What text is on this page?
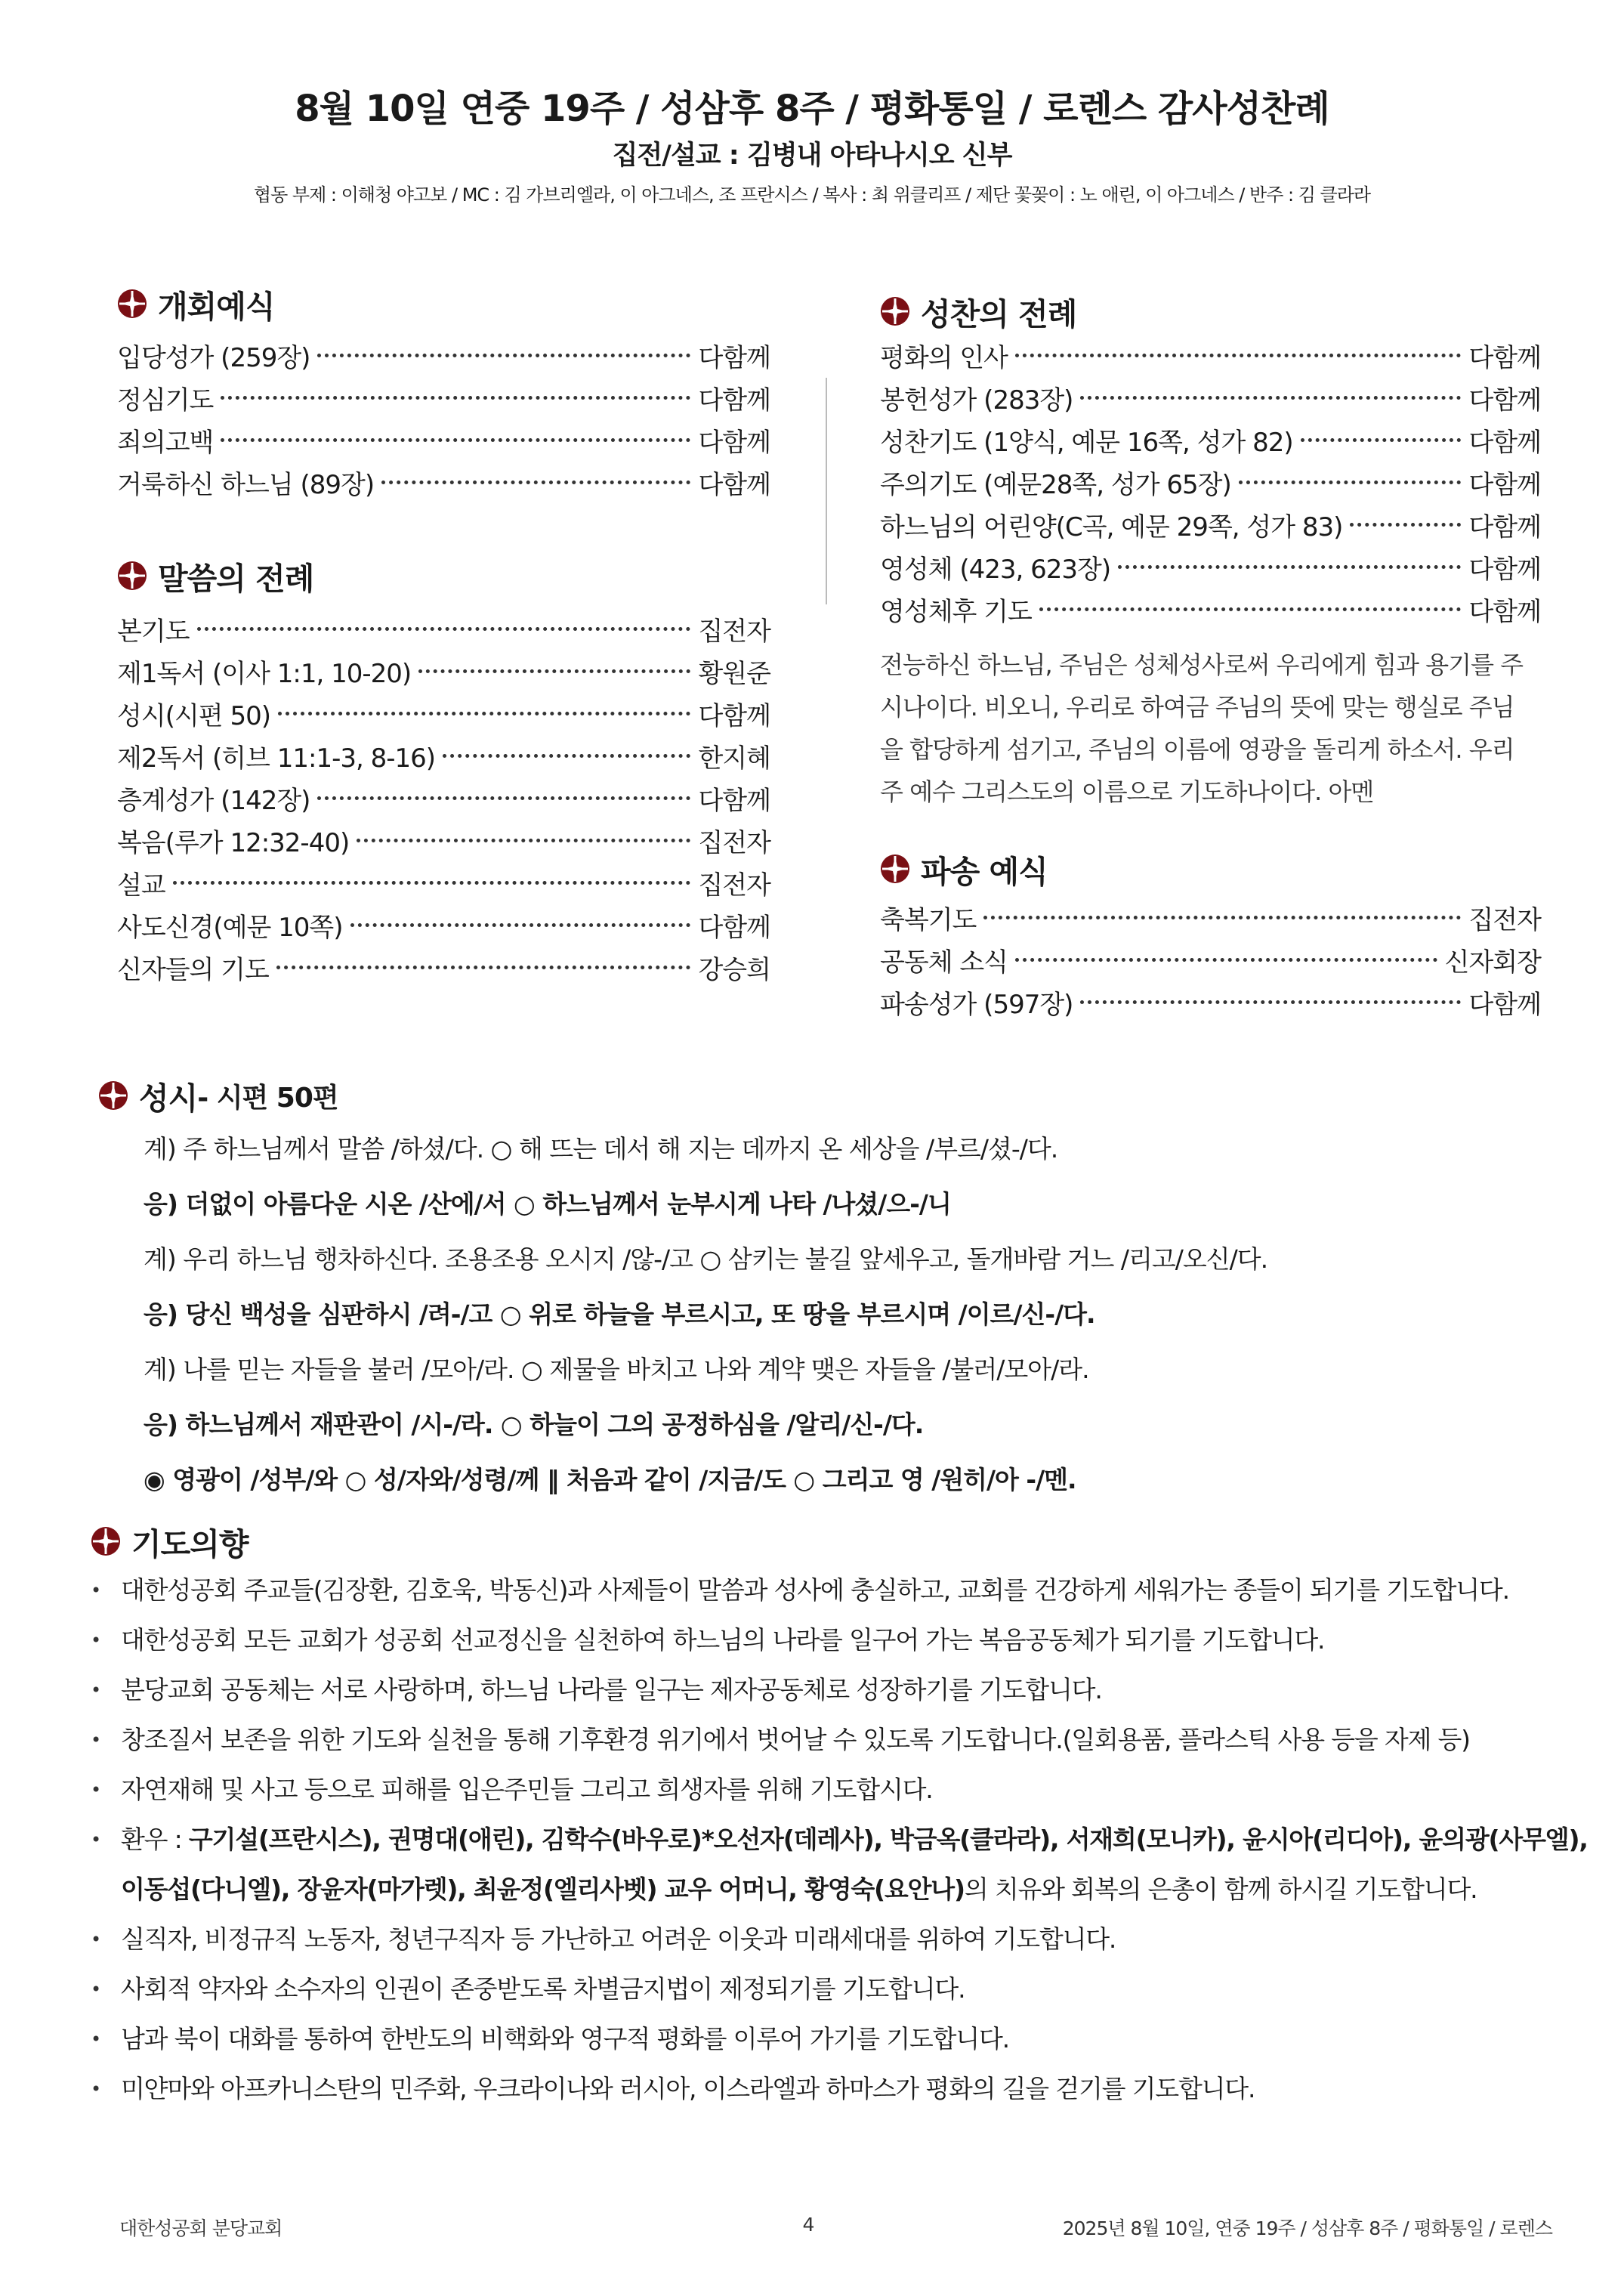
8월 10일 연중 19주 / 성삼후 8주 / 평화통일 / 로렌스 감사성찬례
집전/설교 : 김병내 아타나시오 신부
협동 부제 : 이해청 야고보 / MC : 김 가브리엘라, 이 아그네스, 조 프란시스 / 복사 : 최 위클리프 / 제단 꽃꽂이 : 노 애린, 이 아그네스 / 반주 : 김 클라라
개회예식
입당성가 (259장)	다함께
정심기도	다함께
죄의고백	다함께
거룩하신 하느님 (89장)	다함께
말씀의 전례
본기도	집전자
제1독서 (이사 1:1, 10-20)	황원준
성시(시편 50)	다함께
제2독서 (히브 11:1-3, 8-16)	한지혜
층계성가 (142장)	다함께
복음(루가 12:32-40)	집전자
설교	집전자
사도신경(예문 10쪽)	다함께
신자들의 기도	강승희
성찬의 전례
평화의 인사	다함께
봉헌성가 (283장)	다함께
성찬기도 (1양식, 예문 16쪽, 성가 82)	다함께
주의기도 (예문28쪽, 성가 65장)	다함께
하느님의 어린양(C곡, 예문 29쪽, 성가 83)	다함께
영성체 (423, 623장)	다함께
영성체후 기도	다함께
전능하신 하느님, 주님은 성체성사로써 우리에게 힘과 용기를 주
시나이다. 비오니, 우리로 하여금 주님의 뜻에 맞는 행실로 주님
을 합당하게 섬기고, 주님의 이름에 영광을 돌리게 하소서. 우리
주 예수 그리스도의 이름으로 기도하나이다. 아멘
파송 예식
축복기도	집전자
공동체 소식	신자회장
파송성가 (597장)	다함께
성시 - 시편 50편
계) 주 하느님께서 말씀 /하셨/다. ○ 해 뜨는 데서 해 지는 데까지 온 세상을 /부르/셨-/다.
응) 더없이 아름다운 시온 /산에/서 ○ 하느님께서 눈부시게 나타 /나셨/으-/니
계) 우리 하느님 행차하신다. 조용조용 오시지 /않-/고 ○ 삼키는 불길 앞세우고, 돌개바람 거느 /리고/오신/다.
응) 당신 백성을 심판하시 /려-/고 ○ 위로 하늘을 부르시고, 또 땅을 부르시며 /이르/신-/다.
계) 나를 믿는 자들을 불러 /모아/라. ○ 제물을 바치고 나와 계약 맺은 자들을 /불러/모아/라.
응) 하느님께서 재판관이 /시-/라. ○ 하늘이 그의 공정하심을 /알리/신-/다.
◉ 영광이 /성부/와 ○ 성/자와/성령/께 ‖ 처음과 같이 /지금/도 ○ 그리고 영 /원히/아 -/멘.
기도의향
• 대한성공회 주교들(김장환, 김호욱, 박동신)과 사제들이 말씀과 성사에 충실하고, 교회를 건강하게 세워가는 종들이 되기를 기도합니다.
• 대한성공회 모든 교회가 성공회 선교정신을 실천하여 하느님의 나라를 일구어 가는 복음공동체가 되기를 기도합니다.
• 분당교회 공동체는 서로 사랑하며, 하느님 나라를 일구는 제자공동체로 성장하기를 기도합니다.
• 창조질서 보존을 위한 기도와 실천을 통해 기후환경 위기에서 벗어날 수 있도록 기도합니다.(일회용품, 플라스틱 사용 등을 자제 등)
• 자연재해 및 사고 등으로 피해를 입은주민들 그리고 희생자를 위해 기도합시다.
• 환우 : 구기설(프란시스), 권명대(애린), 김학수(바우로)*오선자(데레사), 박금옥(클라라), 서재희(모니카), 윤시아(리디아), 윤의광(사무엘),
이동섭(다니엘), 장윤자(마가렛), 최윤정(엘리사벳) 교우 어머니, 황영숙(요안나)의 치유와 회복의 은총이 함께 하시길 기도합니다.
• 실직자, 비정규직 노동자, 청년구직자 등 가난하고 어려운 이웃과 미래세대를 위하여 기도합니다.
• 사회적 약자와 소수자의 인권이 존중받도록 차별금지법이 제정되기를 기도합니다.
• 남과 북이 대화를 통하여 한반도의 비핵화와 영구적 평화를 이루어 가기를 기도합니다.
• 미얀마와 아프카니스탄의 민주화, 우크라이나와 러시아, 이스라엘과 하마스가 평화의 길을 걷기를 기도합니다.
대한성공회 분당교회	4	2025년 8월 10일, 연중 19주 / 성삼후 8주 / 평화통일 / 로렌스
